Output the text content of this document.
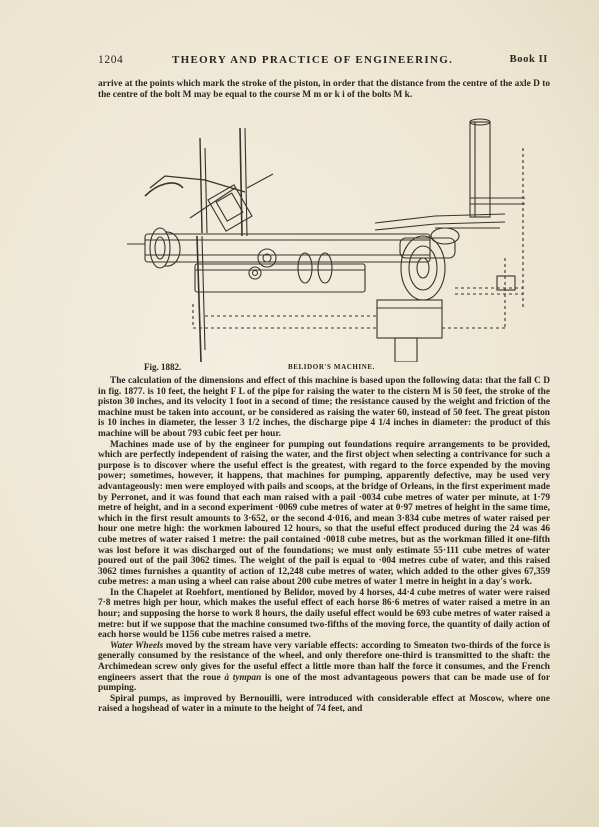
1204	THEORY AND PRACTICE OF ENGINEERING.	Book II

arrive at the points which mark the stroke of the piston, in order that the distance from the centre of the axle D to the centre of the bolt M may be equal to the course M m or k i of the bolts M k.

Fig. 1882.	BELIDOR'S MACHINE.

The calculation of the dimensions and effect of this machine is based upon the following data: that the fall C D in fig. 1877. is 10 feet, the height F L of the pipe for raising the water to the cistern M is 50 feet, the stroke of the piston 30 inches, and its velocity 1 foot in a second of time; the resistance caused by the weight and friction of the machine must be taken into account, or be considered as raising the water 60, instead of 50 feet. The great piston is 10 inches in diameter, the lesser 3 1/2 inches, the discharge pipe 4 1/4 inches in diameter: the product of this machine will be about 793 cubic feet per hour.

Machines made use of by the engineer for pumping out foundations require arrangements to be provided, which are perfectly independent of raising the water, and the first object when selecting a contrivance for such a purpose is to discover where the useful effect is the greatest, with regard to the force expended by the moving power; sometimes, however, it happens, that machines for pumping, apparently defective, may be used very advantageously: men were employed with pails and scoops, at the bridge of Orleans, in the first experiment made by Perronet, and it was found that each man raised with a pail ·0034 cube metres of water per minute, at 1·79 metre of height, and in a second experiment ·0069 cube metres of water at 0·97 metres of height in the same time, which in the first result amounts to 3·652, or the second 4·016, and mean 3·834 cube metres of water raised per hour one metre high: the workmen laboured 12 hours, so that the useful effect produced during the 24 was 46 cube metres of water raised 1 metre: the pail contained ·0018 cube metres, but as the workman filled it one-fifth was lost before it was discharged out of the foundations; we must only estimate 55·111 cube metres of water poured out of the pail 3062 times. The weight of the pail is equal to ·004 metres cube of water, and this raised 3062 times furnishes a quantity of action of 12,248 cube metres of water, which added to the other gives 67,359 cube metres: a man using a wheel can raise about 200 cube metres of water 1 metre in height in a day's work.

In the Chapelet at Roehfort, mentioned by Belidor, moved by 4 horses, 44·4 cube metres of water were raised 7·8 metres high per hour, which makes the useful effect of each horse 86·6 metres of water raised a metre in an hour; and supposing the horse to work 8 hours, the daily useful effect would be 693 cube metres of water raised a metre: but if we suppose that the machine consumed two-fifths of the moving force, the quantity of daily action of each horse would be 1156 cube metres raised a metre.

Water Wheels moved by the stream have very variable effects: according to Smeaton two-thirds of the force is generally consumed by the resistance of the wheel, and only therefore one-third is transmitted to the shaft: the Archimedean screw only gives for the useful effect a little more than half the force it consumes, and the French engineers assert that the roue à tympan is one of the most advantageous powers that can be made use of for pumping.

Spiral pumps, as improved by Bernouilli, were introduced with considerable effect at Moscow, where one raised a hogshead of water in a minute to the height of 74 feet, and
